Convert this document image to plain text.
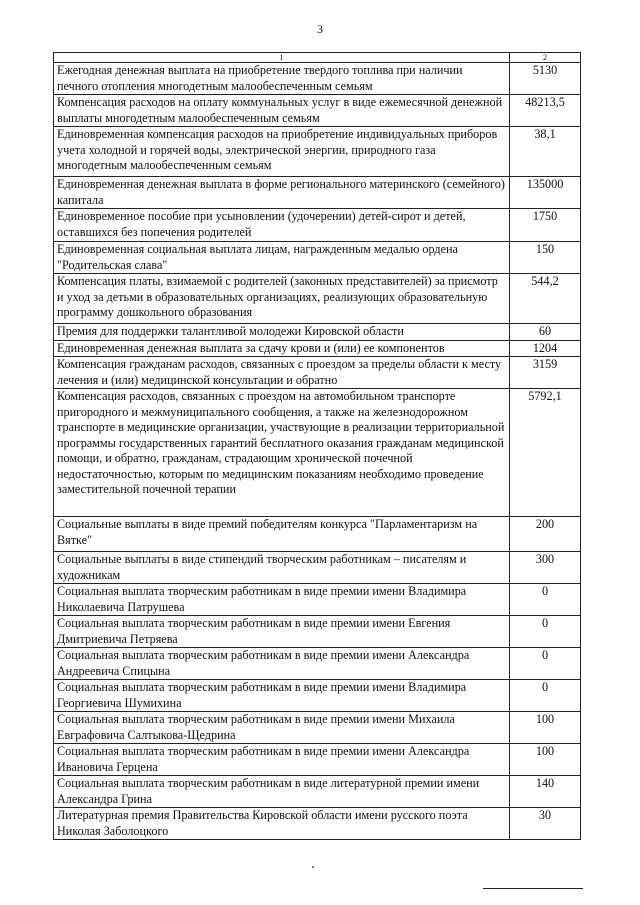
3
1	2
Ежегодная денежная выплата на приобретение твердого топлива при наличии печного отопления многодетным малообеспеченным семьям	5130
Компенсация расходов на оплату коммунальных услуг в виде ежемесячной денежной выплаты многодетным малообеспеченным семьям	48213,5
Единовременная компенсация расходов на приобретение индивидуальных приборов учета холодной и горячей воды, электрической энергии, природного газа многодетным малообеспеченным семьям	38,1
Единовременная денежная выплата в форме регионального материнского (семейного) капитала	135000
Единовременное пособие при усыновлении (удочерении) детей-сирот и детей, оставшихся без попечения родителей	1750
Единовременная социальная выплата лицам, награжденным медалью ордена "Родительская слава"	150
Компенсация платы, взимаемой с родителей (законных представителей) за присмотр и уход за детьми в образовательных организациях, реализующих образовательную программу дошкольного образования	544,2
Премия для поддержки талантливой молодежи Кировской области	60
Единовременная денежная выплата за сдачу крови и (или) ее компонентов	1204
Компенсация гражданам расходов, связанных с проездом за пределы области к месту лечения и (или) медицинской консультации и обратно	3159
Компенсация расходов, связанных с проездом на автомобильном транспорте пригородного и межмуниципального сообщения, а также на железнодорожном транспорте в медицинские организации, участвующие в реализации территориальной программы государственных гарантий бесплатного оказания гражданам медицинской помощи, и обратно, гражданам, страдающим хронической почечной недостаточностью, которым по медицинским показаниям необходимо проведение заместительной почечной терапии	5792,1
Социальные выплаты в виде премий победителям конкурса "Парламентаризм на Вятке"	200
Социальные выплаты в виде стипендий творческим работникам – писателям и художникам	300
Социальная выплата творческим работникам в виде премии имени Владимира Николаевича Патрушева	0
Социальная выплата творческим работникам в виде премии имени Евгения Дмитриевича Петряева	0
Социальная выплата творческим работникам в виде премии имени Александра Андреевича Спицына	0
Социальная выплата творческим работникам в виде премии имени Владимира Георгиевича Шумихина	0
Социальная выплата творческим работникам в виде премии имени Михаила Евграфовича Салтыкова-Щедрина	100
Социальная выплата творческим работникам в виде премии имени Александра Ивановича Герцена	100
Социальная выплата творческим работникам в виде литературной премии имени Александра Грина	140
Литературная премия Правительства Кировской области имени русского поэта Николая Заболоцкого	30
